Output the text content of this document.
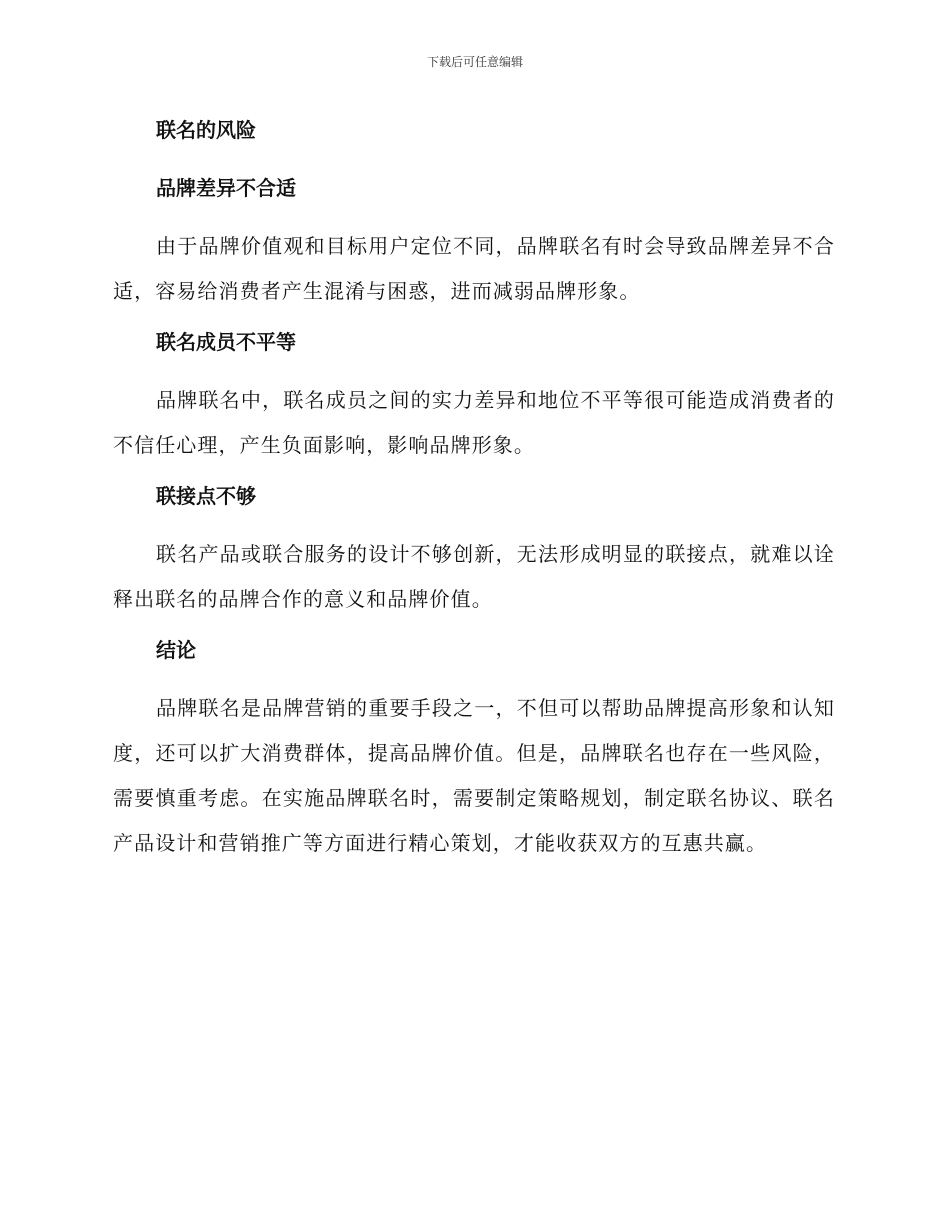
下载后可任意编辑
联名的风险
品牌差异不合适

由于品牌价值观和目标用户定位不同，品牌联名有时会导致品牌差异不合适，容易给消费者产生混淆与困惑，进而减弱品牌形象。

联名成员不平等

品牌联名中，联名成员之间的实力差异和地位不平等很可能造成消费者的不信任心理，产生负面影响，影响品牌形象。

联接点不够

联名产品或联合服务的设计不够创新，无法形成明显的联接点，就难以诠释出联名的品牌合作的意义和品牌价值。

结论

品牌联名是品牌营销的重要手段之一，不但可以帮助品牌提高形象和认知度，还可以扩大消费群体，提高品牌价值。但是，品牌联名也存在一些风险，需要慎重考虑。在实施品牌联名时，需要制定策略规划，制定联名协议、联名产品设计和营销推广等方面进行精心策划，才能收获双方的互惠共赢。
